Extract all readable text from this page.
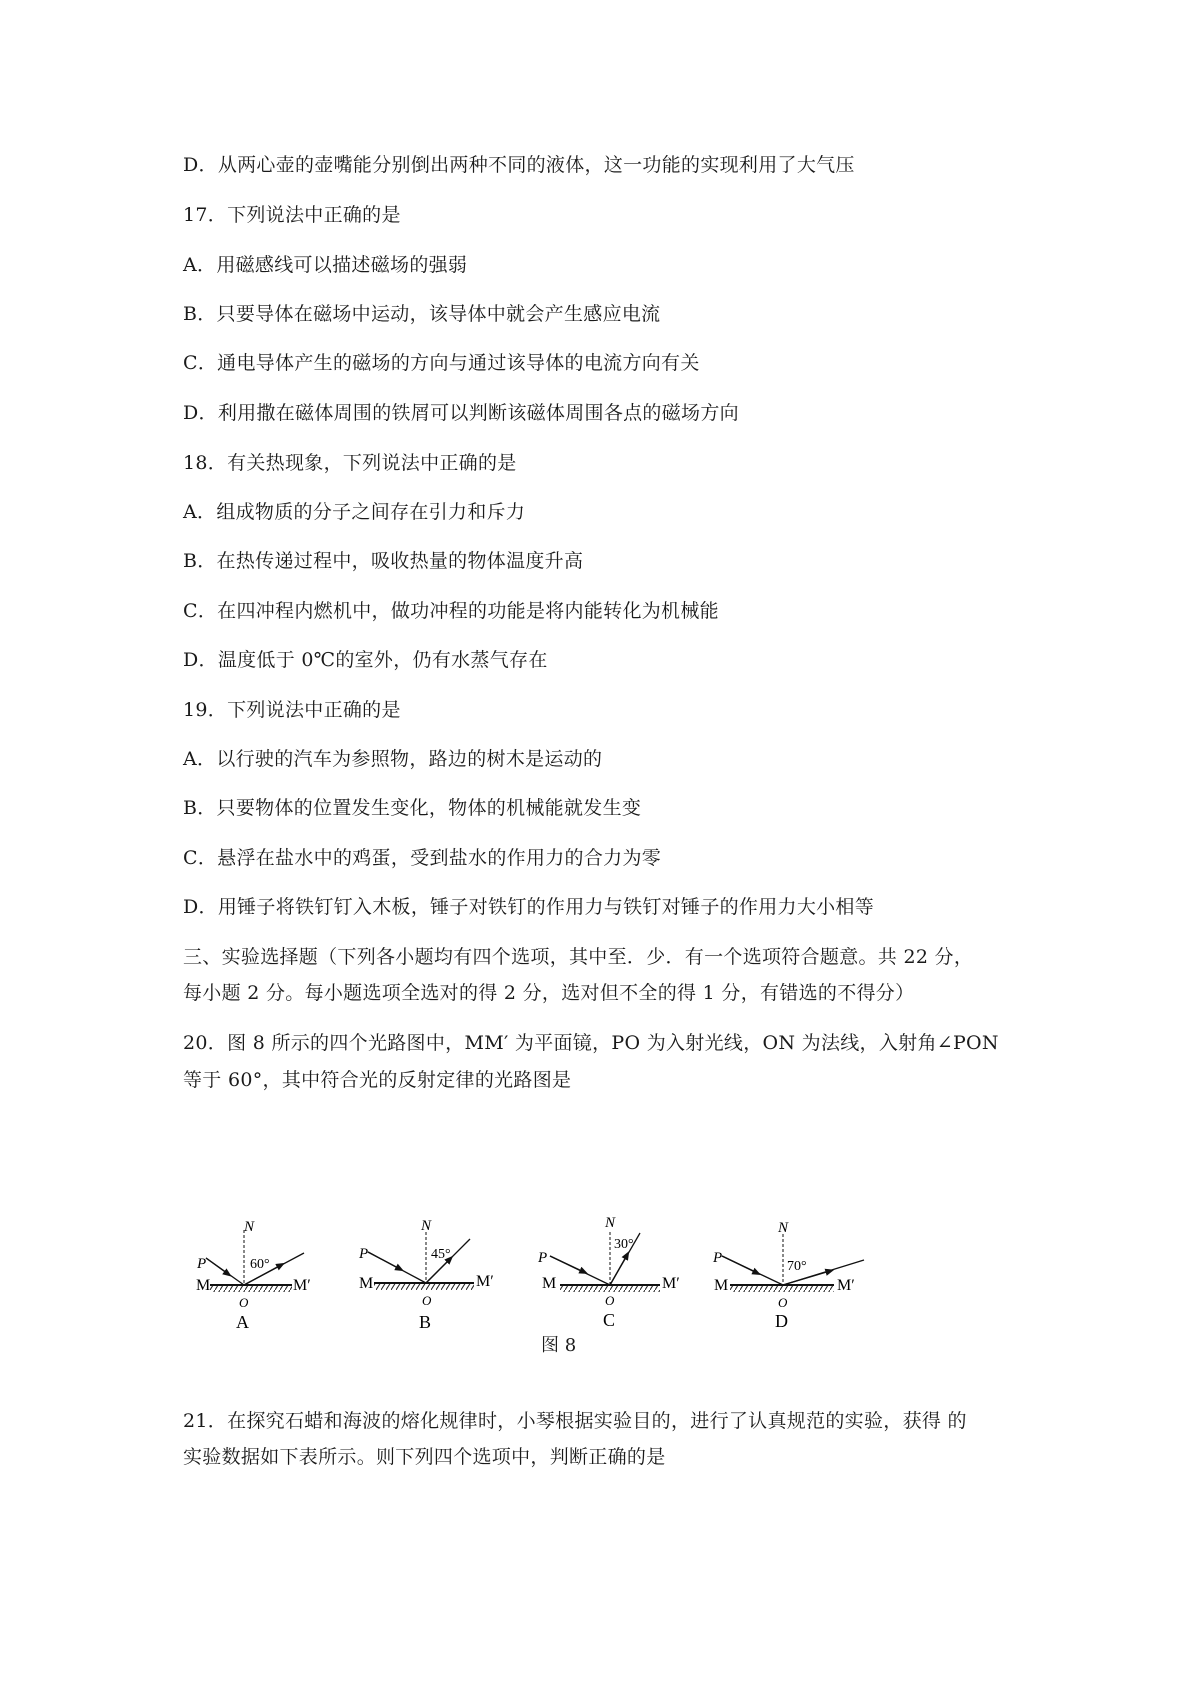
D．从两心壶的壶嘴能分别倒出两种不同的液体，这一功能的实现利用了大气压
17．下列说法中正确的是
A．用磁感线可以描述磁场的强弱
B．只要导体在磁场中运动，该导体中就会产生感应电流
C．通电导体产生的磁场的方向与通过该导体的电流方向有关
D．利用撒在磁体周围的铁屑可以判断该磁体周围各点的磁场方向
18．有关热现象，下列说法中正确的是
A．组成物质的分子之间存在引力和斥力
B．在热传递过程中，吸收热量的物体温度升高
C．在四冲程内燃机中，做功冲程的功能是将内能转化为机械能
D．温度低于 0℃的室外，仍有水蒸气存在
19．下列说法中正确的是
A．以行驶的汽车为参照物，路边的树木是运动的
B．只要物体的位置发生变化，物体的机械能就发生变
C．悬浮在盐水中的鸡蛋，受到盐水的作用力的合力为零
D．用锤子将铁钉钉入木板，锤子对铁钉的作用力与铁钉对锤子的作用力大小相等
三、实验选择题（下列各小题均有四个选项，其中至．少．有一个选项符合题意。共 22 分，
每小题 2 分。每小题选项全选对的得 2 分，选对但不全的得 1 分，有错选的不得分）
20．图 8 所示的四个光路图中，MM′ 为平面镜，PO 为入射光线，ON 为法线，入射角∠PON
等于 60°，其中符合光的反射定律的光路图是
21．在探究石蜡和海波的熔化规律时，小琴根据实验目的，进行了认真规范的实验，获得 的
实验数据如下表所示。则下列四个选项中，判断正确的是
P
N
M	M′
O
A
60°
P
N
M	M′
O
B
45°	P
N
M	M′
O
C
30°
P
N
M	M′
O
D
70°
图 8
